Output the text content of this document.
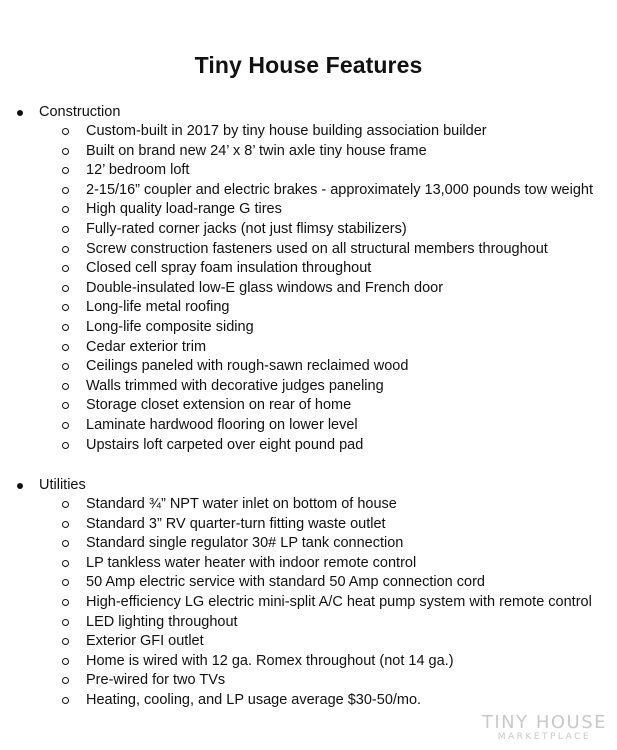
Tiny House Features
Construction
Custom-built in 2017 by tiny house building association builder
Built on brand new 24’ x 8’ twin axle tiny house frame
12’ bedroom loft
2-15/16” coupler and electric brakes - approximately 13,000 pounds tow weight
High quality load-range G tires
Fully-rated corner jacks (not just flimsy stabilizers)
Screw construction fasteners used on all structural members throughout
Closed cell spray foam insulation throughout
Double-insulated low-E glass windows and French door
Long-life metal roofing
Long-life composite siding
Cedar exterior trim
Ceilings paneled with rough-sawn reclaimed wood
Walls trimmed with decorative judges paneling
Storage closet extension on rear of home
Laminate hardwood flooring on lower level
Upstairs loft carpeted over eight pound pad
Utilities
Standard ¾” NPT water inlet on bottom of house
Standard 3” RV quarter-turn fitting waste outlet
Standard single regulator 30# LP tank connection
LP tankless water heater with indoor remote control
50 Amp electric service with standard 50 Amp connection cord
High-efficiency LG electric mini-split A/C heat pump system with remote control
LED lighting throughout
Exterior GFI outlet
Home is wired with 12 ga. Romex throughout (not 14 ga.)
Pre-wired for two TVs
Heating, cooling, and LP usage average $30-50/mo.
TINY HOUSE
MARKETPLACE
